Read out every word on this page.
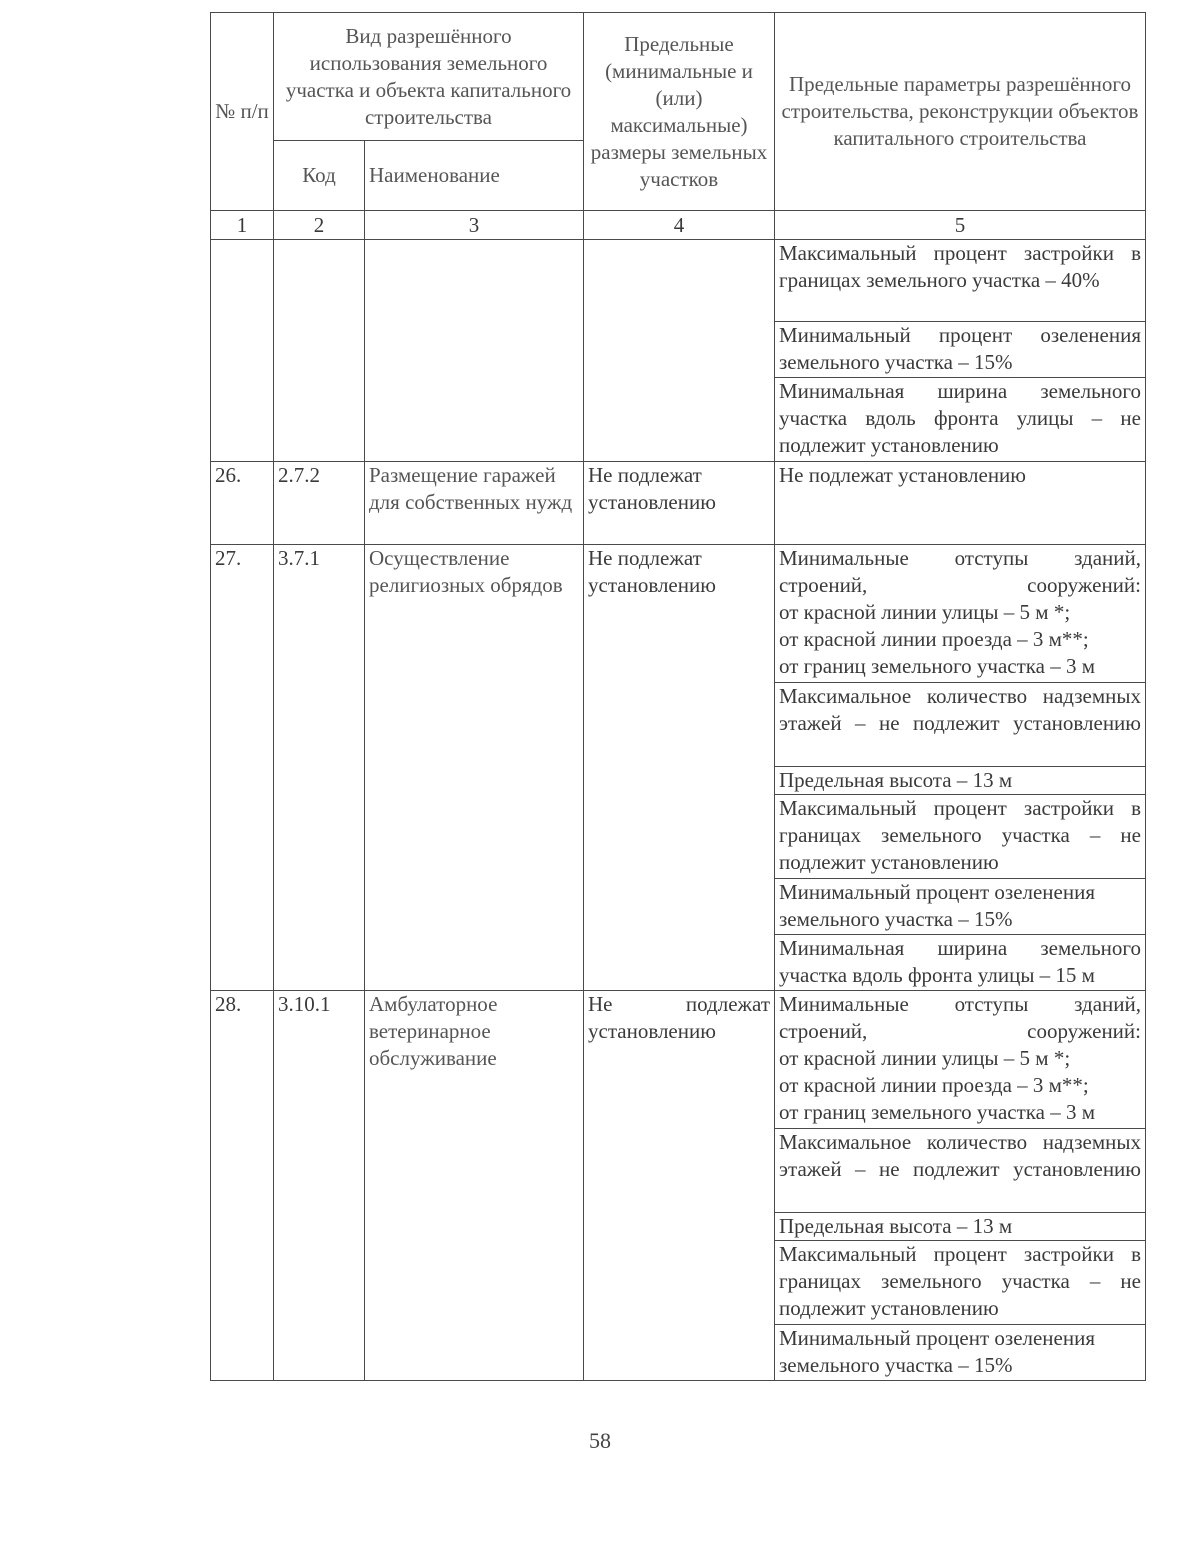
№ п/п	Вид разрешённого использования земельного участка и объекта капитального строительства		Предельные (минимальные и (или) максимальные) размеры земельных участков	Предельные параметры разрешённого строительства, реконструкции объектов капитального строительства
	Код	Наименование		
1	2	3	4	5
				Максимальный процент застройки в границах земельного участка – 40%
				Минимальный процент озеленения земельного участка – 15%
				Минимальная ширина земельного участка вдоль фронта улицы – не подлежит установлению
26.	2.7.2	Размещение гаражей для собственных нужд	Не подлежат установлению	Не подлежат установлению
27.	3.7.1	Осуществление религиозных обрядов	Не подлежат установлению	Минимальные отступы зданий, строений, сооружений:
от красной линии улицы – 5 м *;
от красной линии проезда – 3 м**;
от границ земельного участка – 3 м

				Максимальное количество надземных этажей – не подлежит установлению
				Предельная высота – 13 м
				Максимальный процент застройки в границах земельного участка – не подлежит установлению
				Минимальный процент озеленения земельного участка – 15%
				Минимальная ширина земельного участка вдоль фронта улицы – 15 м
28.	3.10.1	Амбулаторное ветеринарное обслуживание	Не подлежат установлению	Минимальные отступы зданий, строений, сооружений:
от красной линии улицы – 5 м *;
от красной линии проезда – 3 м**;
от границ земельного участка – 3 м

				Максимальное количество надземных этажей – не подлежит установлению
				Предельная высота – 13 м
				Максимальный процент застройки в границах земельного участка – не подлежит установлению
				Минимальный процент озеленения земельного участка – 15%
58
